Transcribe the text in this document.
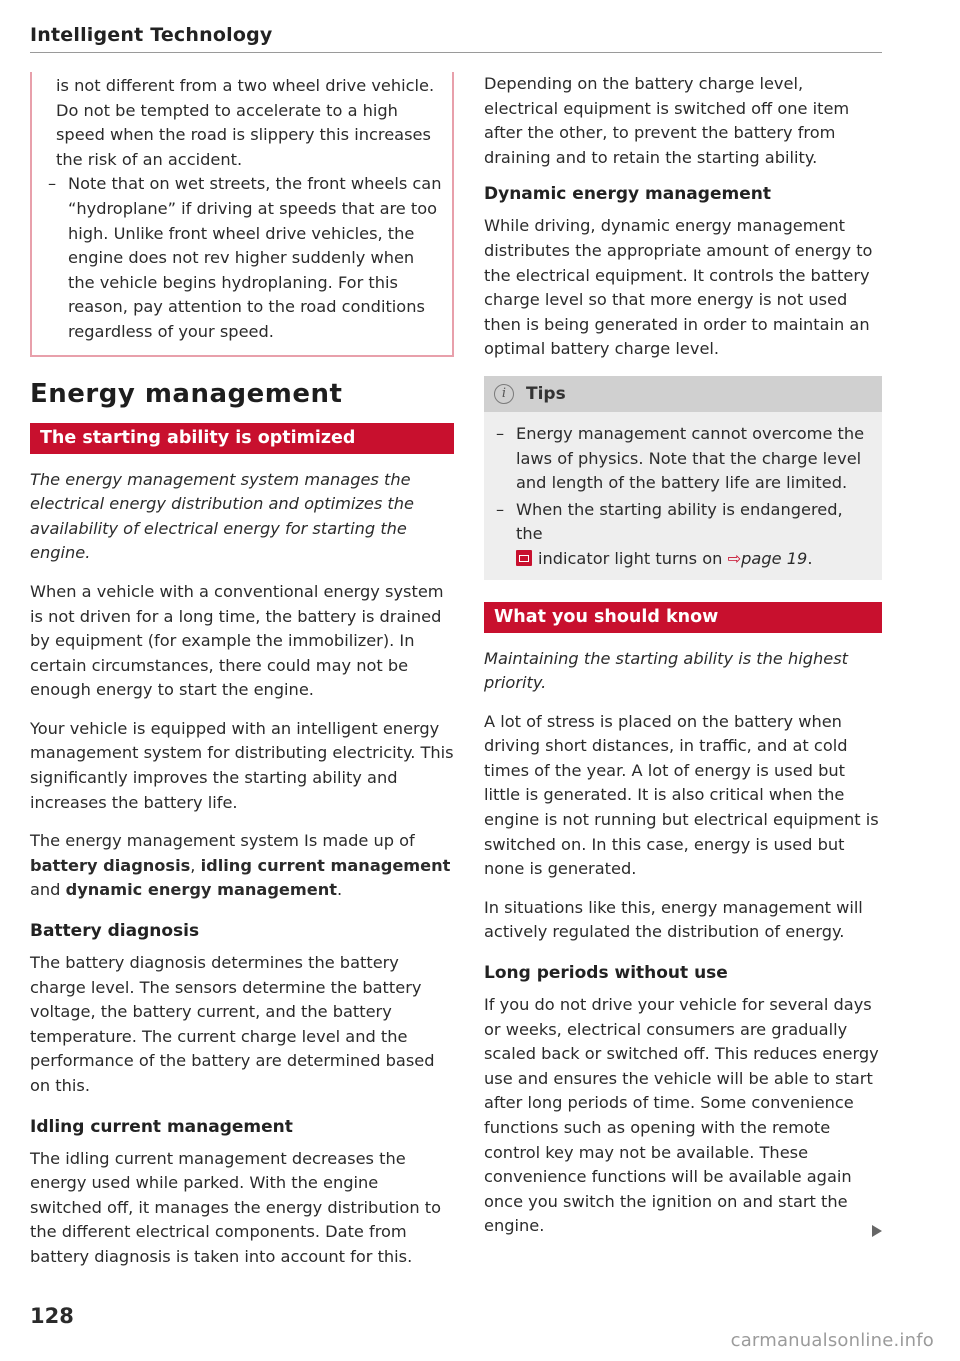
Intelligent Technology
is not different from a two wheel drive vehicle. Do not be tempted to accelerate to a high speed when the road is slippery this increases the risk of an accident.
– Note that on wet streets, the front wheels can “hydroplane” if driving at speeds that are too high. Unlike front wheel drive vehicles, the engine does not rev higher suddenly when the vehicle begins hydroplaning. For this reason, pay attention to the road conditions regardless of your speed.
Energy management
The starting ability is optimized

The energy management system manages the electrical energy distribution and optimizes the availability of electrical energy for starting the engine.

When a vehicle with a conventional energy system is not driven for a long time, the battery is drained by equipment (for example the immobilizer). In certain circumstances, there could may not be enough energy to start the engine.

Your vehicle is equipped with an intelligent energy management system for distributing electricity. This significantly improves the starting ability and increases the battery life.

The energy management system Is made up of battery diagnosis, idling current management and dynamic energy management.

Battery diagnosis

The battery diagnosis determines the battery charge level. The sensors determine the battery voltage, the battery current, and the battery temperature. The current charge level and the performance of the battery are determined based on this.

Idling current management

The idling current management decreases the energy used while parked. With the engine switched off, it manages the energy distribution to the different electrical components. Date from battery diagnosis is taken into account for this.

Depending on the battery charge level, electrical equipment is switched off one item after the other, to prevent the battery from draining and to retain the starting ability.

Dynamic energy management

While driving, dynamic energy management distributes the appropriate amount of energy to the electrical equipment. It controls the battery charge level so that more energy is not used then is being generated in order to maintain an optimal battery charge level.

i	Tips
– Energy management cannot overcome the laws of physics. Note that the charge level and length of the battery life are limited.
– When the starting ability is endangered, the
indicator light turns on ⇨page 19.
What you should know

Maintaining the starting ability is the highest priority.

A lot of stress is placed on the battery when driving short distances, in traffic, and at cold times of the year. A lot of energy is used but little is generated. It is also critical when the engine is not running but electrical equipment is switched on. In this case, energy is used but none is generated.

In situations like this, energy management will actively regulated the distribution of energy.

Long periods without use

If you do not drive your vehicle for several days or weeks, electrical consumers are gradually scaled back or switched off. This reduces energy use and ensures the vehicle will be able to start after long periods of time. Some convenience functions such as opening with the remote control key may not be available. These convenience functions will be available again once you switch the ignition on and start the engine.

128
carmanualsonline.info
